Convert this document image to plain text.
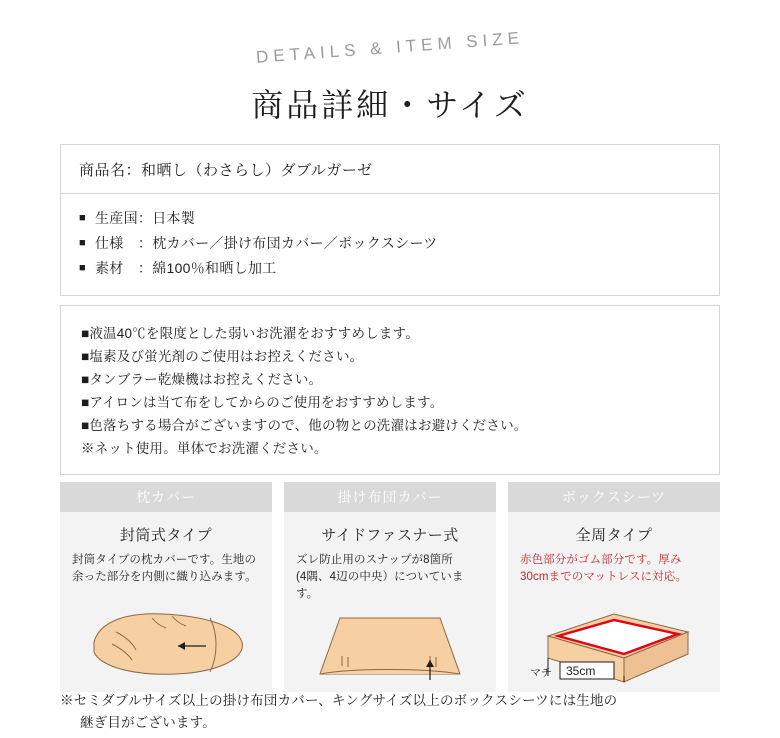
DETAILS & ITEM SIZE
商品詳細・サイズ
商品名：和晒し（わさらし）ダブルガーゼ
■ 生産国： 日本製
■ 仕様　： 枕カバー／掛け布団カバー／ボックスシーツ
■ 素材　： 綿100％和晒し加工
■液温40℃を限度とした弱いお洗濯をおすすめします。
■塩素及び蛍光剤のご使用はお控えください。
■タンブラー乾燥機はお控えください。
■アイロンは当て布をしてからのご使用をおすすめします。
■色落ちする場合がございますので、他の物との洗濯はお避けください。
※ネット使用。単体でお洗濯ください。
枕カバー
封筒式タイプ
封筒タイプの枕カバーです。生地の
余った部分を内側に織り込みます。
掛け布団カバー
サイドファスナー式
ズレ防止用のスナップが8箇所
(4隅、4辺の中央）についています。
ボックスシーツ
全周タイプ
赤色部分がゴム部分です。厚み
30cmまでのマットレスに対応。
マチ 35cm
※セミダブルサイズ以上の掛け布団カバー、キングサイズ以上のボックスシーツには生地の
継ぎ目がございます。
